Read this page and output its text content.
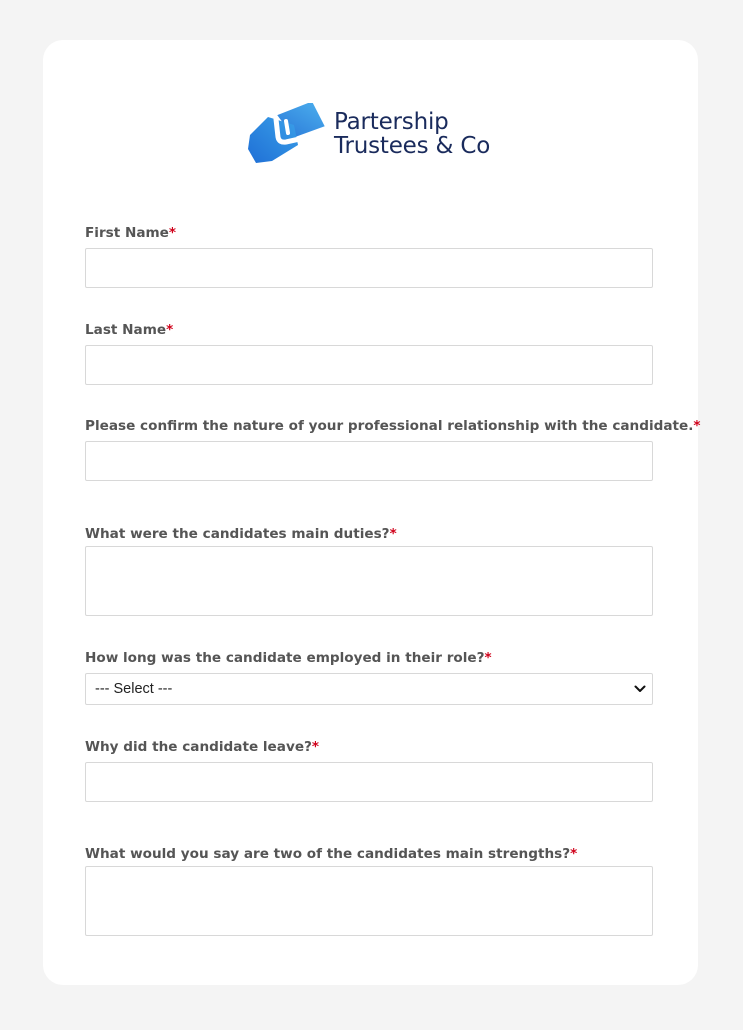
Partership
Trustees & Co
First Name*
Last Name*
Please confirm the nature of your professional relationship with the candidate.*
What were the candidates main duties?*
How long was the candidate employed in their role?*
--- Select ---
Why did the candidate leave?*
What would you say are two of the candidates main strengths?*
